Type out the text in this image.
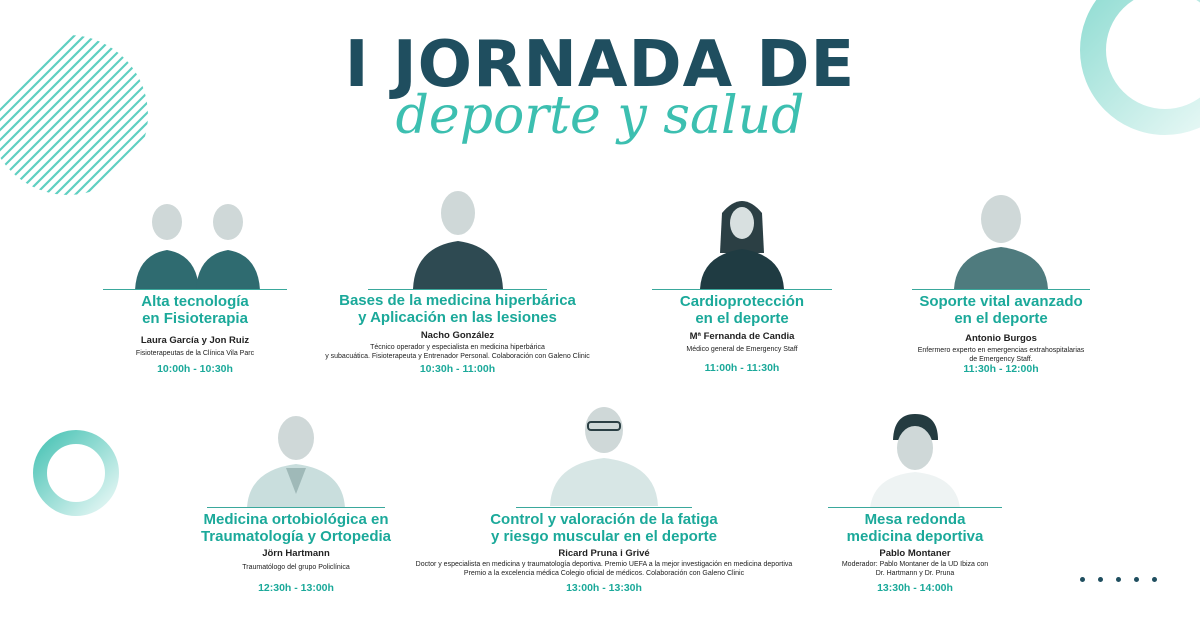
I JORNADA DE
deporte y salud
Alta tecnología
en Fisioterapia
Laura García y Jon Ruiz
Fisioterapeutas de la Clínica Vila Parc
10:00h - 10:30h
Bases de la medicina hiperbárica
y Aplicación en las lesiones
Nacho González
Técnico operador y especialista en medicina hiperbárica
y subacuática. Fisioterapeuta y Entrenador Personal. Colaboración con Galeno Clinic
10:30h - 11:00h
Cardioprotección
en el deporte
Mª Fernanda de Candia
Médico general de Emergency Staff
11:00h - 11:30h
Soporte vital avanzado
en el deporte
Antonio Burgos
Enfermero experto en emergencias extrahospitalarias
de Emergency Staff.
11:30h - 12:00h
Medicina ortobiológica en
Traumatología y Ortopedia
Jörn Hartmann
Traumatólogo del grupo Policlínica
12:30h - 13:00h
Control y valoración de la fatiga
y riesgo muscular en el deporte
Ricard Pruna i Grivé
Doctor y especialista en medicina y traumatología deportiva. Premio UEFA a la mejor investigación en medicina deportiva
Premio a la excelencia médica Colegio oficial de médicos. Colaboración con Galeno Clinic
13:00h - 13:30h
Mesa redonda
medicina deportiva
Pablo Montaner
Moderador: Pablo Montaner de la UD Ibiza con
Dr. Hartmann y Dr. Pruna
13:30h - 14:00h
